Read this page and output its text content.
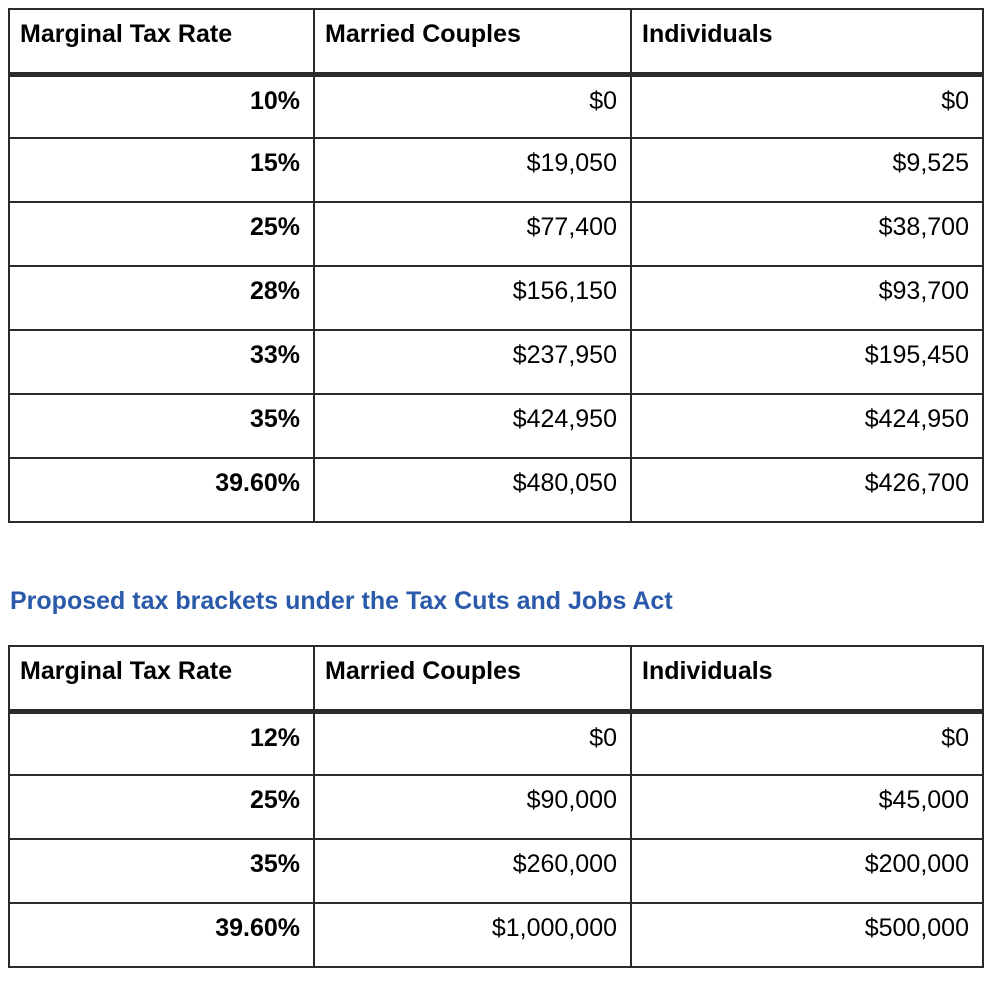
Marginal Tax Rate	Married Couples	Individuals
10%	$0	$0
15%	$19,050	$9,525
25%	$77,400	$38,700
28%	$156,150	$93,700
33%	$237,950	$195,450
35%	$424,950	$424,950
39.60%	$480,050	$426,700
Proposed tax brackets under the Tax Cuts and Jobs Act
Marginal Tax Rate	Married Couples	Individuals
12%	$0	$0
25%	$90,000	$45,000
35%	$260,000	$200,000
39.60%	$1,000,000	$500,000
